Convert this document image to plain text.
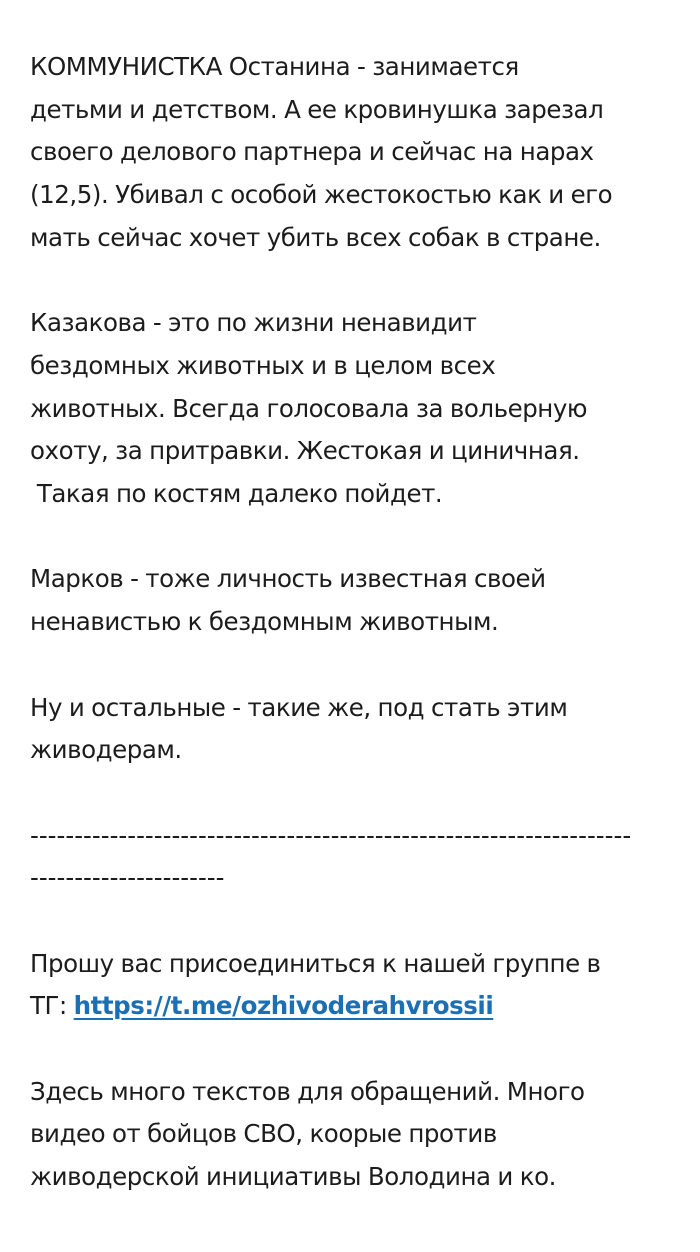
КОММУНИСТКА Останина - занимается
детьми и детством. А ее кровинушка зарезал
своего делового партнера и сейчас на нарах
(12,5). Убивал с особой жестокостью как и его
мать сейчас хочет убить всех собак в стране.

Казакова - это по жизни ненавидит
бездомных животных и в целом всех
животных. Всегда голосовала за вольерную
охоту, за притравки. Жестокая и циничная.
Такая по костям далеко пойдет.

Марков - тоже личность известная своей
ненавистью к бездомным животным.

Ну и остальные - такие же, под стать этим
живодерам.

--------------------------------------------------------------------
----------------------

Прошу вас присоединиться к нашей группе в
ТГ: https://t.me/ozhivoderahvrossii

Здесь много текстов для обращений. Много
видео от бойцов СВО, коорые против
живодерской инициативы Володина и ко.
